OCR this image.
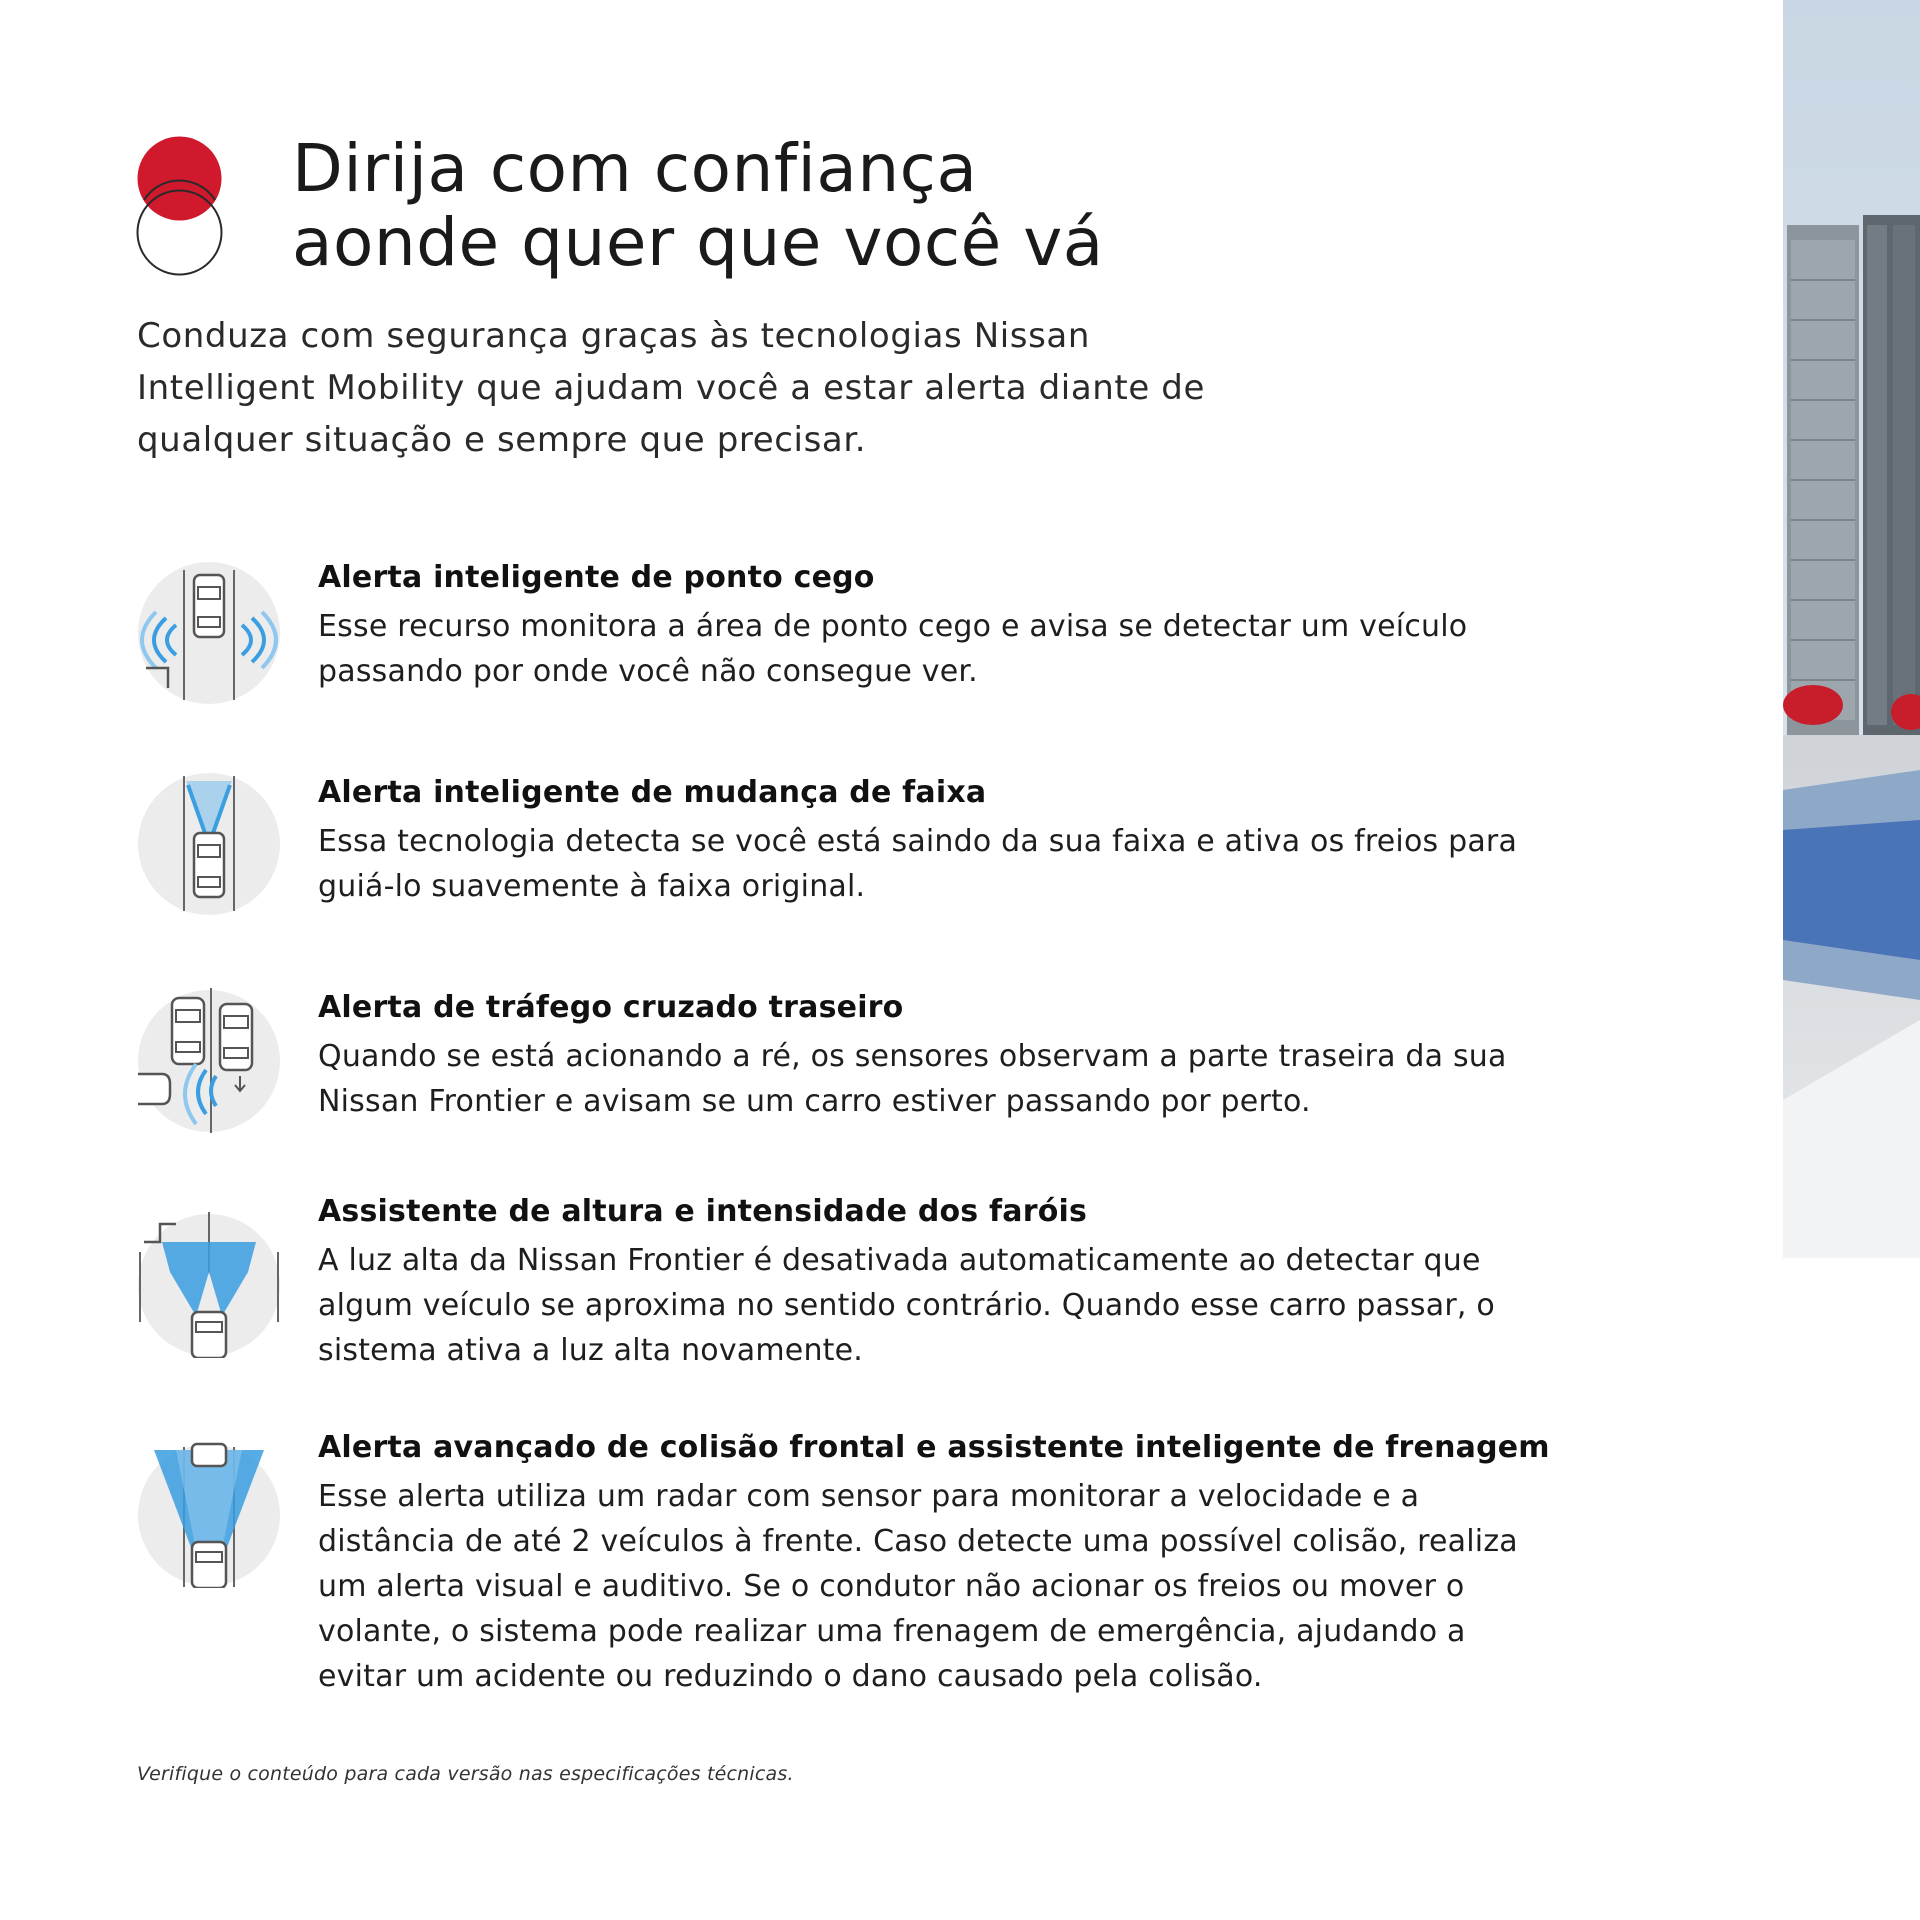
Dirija com confiança
aonde quer que você vá

Conduza com segurança graças às tecnologias Nissan Intelligent Mobility que ajudam você a estar alerta diante de qualquer situação e sempre que precisar.

Alerta inteligente de ponto cego

Esse recurso monitora a área de ponto cego e avisa se detectar um veículo passando por onde você não consegue ver.

Alerta inteligente de mudança de faixa

Essa tecnologia detecta se você está saindo da sua faixa e ativa os freios para guiá-lo suavemente à faixa original.

Alerta de tráfego cruzado traseiro

Quando se está acionando a ré, os sensores observam a parte traseira da sua Nissan Frontier e avisam se um carro estiver passando por perto.

Assistente de altura e intensidade dos faróis

A luz alta da Nissan Frontier é desativada automaticamente ao detectar que algum veículo se aproxima no sentido contrário. Quando esse carro passar, o sistema ativa a luz alta novamente.

Alerta avançado de colisão frontal e assistente inteligente de frenagem

Esse alerta utiliza um radar com sensor para monitorar a velocidade e a distância de até 2 veículos à frente. Caso detecte uma possível colisão, realiza um alerta visual e auditivo. Se o condutor não acionar os freios ou mover o volante, o sistema pode realizar uma frenagem de emergência, ajudando a evitar um acidente ou reduzindo o dano causado pela colisão.

Verifique o conteúdo para cada versão nas especificações técnicas.
